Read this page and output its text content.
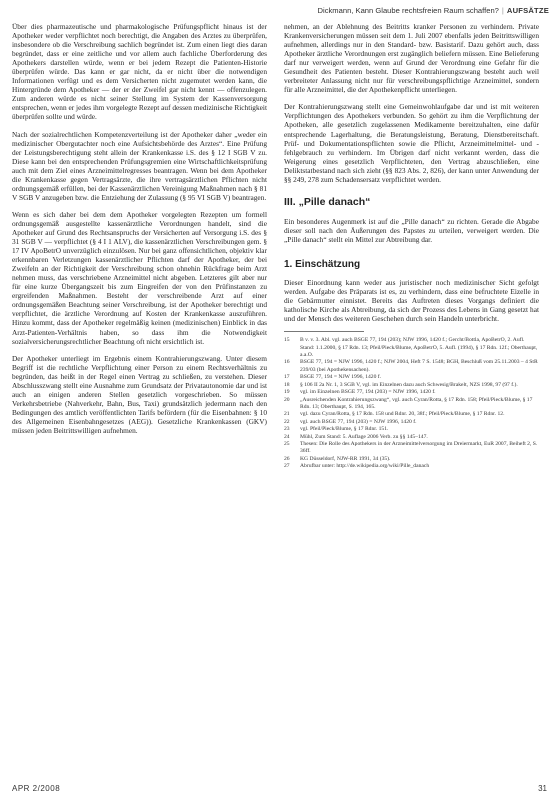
Dickmann, Kann Glaube rechtsfreien Raum schaffen? | AUFSÄTZE

Über dies pharmazeutische und pharmakologische Prüfungspflicht hinaus ist der Apotheker weder verpflichtet noch berechtigt, die Angaben des Arztes zu überprüfen, insbesondere ob die Verschreibung sachlich begründet ist. Zum einen liegt dies daran begründet, dass er eine zeitliche und vor allem auch fachliche Überforderung des Apothekers darstellen würde, wenn er bei jedem Rezept die Patienten-Historie überprüfen würde. Das kann er gar nicht, da er nicht über die notwendigen Informationen verfügt und es dem Versicherten nicht zugemutet werden kann, die Hintergründe dem Apotheker — der er der Zweifel gar nicht kennt — offenzulegen. Zum anderen würde es nicht seiner Stellung im System der Kassenversorgung entsprechen, wenn er jedes ihm vorgelegte Rezept auf dessen medizinische Richtigkeit überprüfen sollte und würde.

Nach der sozialrechtlichen Kompetenzverteilung ist der Apotheker daher „weder ein medizinischer Obergutachter noch eine Aufsichtsbehörde des Arztes“. Eine Prüfung der Leistungsberechtigung steht allein der Krankenkasse i.S. des § 12 I SGB V zu. Diese kann bei den entsprechenden Prüfungsgremien eine Wirtschaftlichkeitsprüfung auch mit dem Ziel eines Arzneimittelregresses beantragen. Wenn bei dem Apotheker die Krankenkasse gegen Vertragsärzte, die ihre vertragsärztlichen Pflichten nicht ordnungsgemäß erfüllen, bei der Kassenärztlichen Vereinigung Maßnahmen nach § 81 V SGB V anzugeben bzw. die Entziehung der Zulassung (§ 95 VI SGB V) beantragen.

Wenn es sich daher bei dem dem Apotheker vorgelegten Rezepten um formell ordnungsgemäß ausgestellte kassenärztliche Verordnungen handelt, sind die Apotheker auf Grund des Rechtsanspruchs der Versicherten auf Versorgung i.S. des § 31 SGB V — verpflichtet (§ 4 I 1 ALV), die kassenärztlichen Verschreibungen gem. § 17 IV ApoBetrO unverzüglich einzulösen. Nur bei ganz offensichtlichen, objektiv klar erkennbaren Verletzungen kassenärztlicher Pflichten darf der Apotheker, der bei Zweifeln an der Richtigkeit der Verschreibung schon ohnehin Rückfrage beim Arzt nehmen muss, das verschriebene Arzneimittel nicht abgeben. Letzteres gilt aber nur für eine kurze Übergangszeit bis zum Eingreifen der von den Prüfinstanzen zu ergreifenden Maßnahmen. Besteht der verschreibende Arzt auf einer ordnungsgemäßen Beachtung seiner Verschreibung, ist der Apotheker berechtigt und verpflichtet, die ärztliche Verordnung auf Kosten der Krankenkasse auszuführen. Hinzu kommt, dass der Apotheker regelmäßig keinen (medizinischen) Einblick in das Arzt-Patienten-Verhältnis haben, so dass ihm die Notwendigkeit sozialversicherungsrechtlicher Beachtung oft nicht ersichtlich ist.

Der Apotheker unterliegt im Ergebnis einem Kontrahierungszwang. Unter diesem Begriff ist die rechtliche Verpflichtung einer Person zu einem Rechtsverhältnis zu begründen, das heißt in der Regel einen Vertrag zu schließen, zu verstehen. Dieser Abschlusszwang stellt eine Ausnahme zum Grundsatz der Privatautonomie dar und ist auch an einigen anderen Stellen gesetzlich vorgeschrieben. So müssen Verkehrsbetriebe (Nahverkehr, Bahn, Bus, Taxi) grundsätzlich jedermann nach den Bedingungen des amtlich veröffentlichten Tarifs befördern (für die Eisenbahnen: § 10 des Allgemeinen Eisenbahngesetzes (AEG)). Gesetzliche Krankenkassen (GKV) müssen jeden Beitrittswilligen aufnehmen.

nehmen, an der Ablehnung des Beitritts kranker Personen zu verhindern. Private Krankenversicherungen müssen seit dem 1. Juli 2007 ebenfalls jeden Beitrittswilligen aufnehmen, allerdings nur in den Standard- bzw. Basistarif. Dazu gehört auch, dass Apotheker ärztliche Verordnungen erst zugänglich beliefern müssen. Eine Belieferung darf nur verweigert werden, wenn auf Grund der Verordnung eine Gefahr für die Gesundheit des Patienten besteht. Dieser Kontrahierungszwang besteht auch weil verbreiteter Anlassung nicht nur für verschreibungspflichtige Arzneimittel, sondern für alle Arzneimittel, die der Apothekenpflicht unterliegen.

Der Kontrahierungszwang stellt eine Gemeinwohlaufgabe dar und ist mit weiteren Verpflichtungen des Apothekers verbunden. So gehört zu ihm die Verpflichtung der Apotheken, alle gesetzlich zugelassenen Medikamente bereitzuhalten, eine dafür entsprechende Lagerhaltung, die Beratungsleistung, Beratung, Dienstbereitschaft. Prüf- und Dokumentationspflichten sowie die Pflicht, Arzneimittelmittel- und -fehlgebrauch zu verhindern. Im Übrigen darf nicht verkannt werden, dass die Weigerung eines gesetzlich Verpflichteten, den Vertrag abzuschließen, eine Deliktstatbestand nach sich zieht (§§ 823 Abs. 2, 826), der kann unter Anwendung der §§ 249, 278 zum Schadensersatz verpflichtet werden.

III. „Pille danach“

Ein besonderes Augenmerk ist auf die „Pille danach“ zu richten. Gerade die Abgabe dieser soll nach den Äußerungen des Papstes zu urteilen, verweigert werden. Die „Pille danach“ stellt ein Mittel zur Abtreibung dar.

1. Einschätzung

Dieser Einordnung kann weder aus juristischer noch medizinischer Sicht gefolgt werden. Aufgabe des Präparats ist es, zu verhindern, dass eine befruchtete Eizelle in die Gebärmutter einnistet. Bereits das Auftreten dieses Vorgangs definiert die katholische Kirche als Abtreibung, da sich der Prozess des Lebens in Gang gesetzt hat und der Mensch des weiteren Geschehen durch sein Handeln unterbricht.

15	B v. v. 3. Abl. vgl. auch BSGE 77, 194 (203); NJW 1996, 1420 f.; Gercht/Bottla, ApoBetrO, 2. Aufl. Stand: 1.1.2000, § 17 Rdn. 13; Pfeil/Pieck/Blume, ApoBetrO, 5. Aufl. (1994), § 17 Rdn. 12f.; Oberthaupt, a.a.O.
16	BSGE 77, 194 = NJW 1996, 1420 f.; NJW 2004, Heft 7 S. 1548; BGH, Beschluß vom 25.11.2003 – 4 StR 239/03 (bei Apothekensachen).
17	BSGE 77, 194 = NJW 1996, 1420 f.
18	§ 106 II 2a Nr. 1, 3 SGB V, vgl. im Einzelnen dazu auch Schwesig/Brakelt, NZS 1998, 97 (97 f.).
19	vgl. im Einzelnen BSGE 77, 194 (203) = NJW 1996, 1420 f.
20	„Ausreichenden Kontrahierungszwang“, vgl. auch Cyran/Rotta, § 17 Rdn. 158; Pfeil/Pieck/Blume, § 17 Rdn. 13; Oberthaupt, S. 194, 165.
21	vgl. dazu Cyran/Rotta, § 17 Rdn. 158 und Rdnr. 20, 38f.; Pfeil/Pieck/Blume, § 17 Rdnr. 12.
22	vgl. auch BSGE 77, 194 (203) = NJW 1996, 1420 f.
23	vgl. Pfeil/Pieck/Blume, § 17 Rdnr. 151.
24	Mühl, Zum Stand: 5. Auflage 2006 Verb. zu §§ 145–147.
25	Thesen: Die Rolle des Apothekers in der Arzneimittelversorgung im Dreiermarkt, EuR 2007, Beiheft 2, S. 36ff.
26	KG Düsseldorf, NJW-RR 1991, 34 (35).
27	Abrufbar unter: http://de.wikipedia.org/wiki/Pille_danach
APR 2/2008	31
